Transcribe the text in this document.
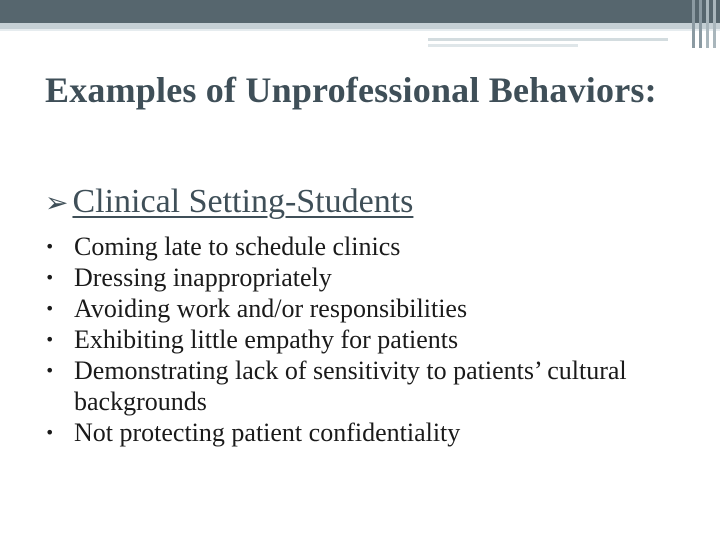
Examples of Unprofessional Behaviors:
➢ Clinical Setting-Students
• Coming late to schedule clinics
• Dressing inappropriately
• Avoiding work and/or responsibilities
• Exhibiting little empathy for patients
• Demonstrating lack of sensitivity to patients’ cultural backgrounds
• Not protecting patient confidentiality
